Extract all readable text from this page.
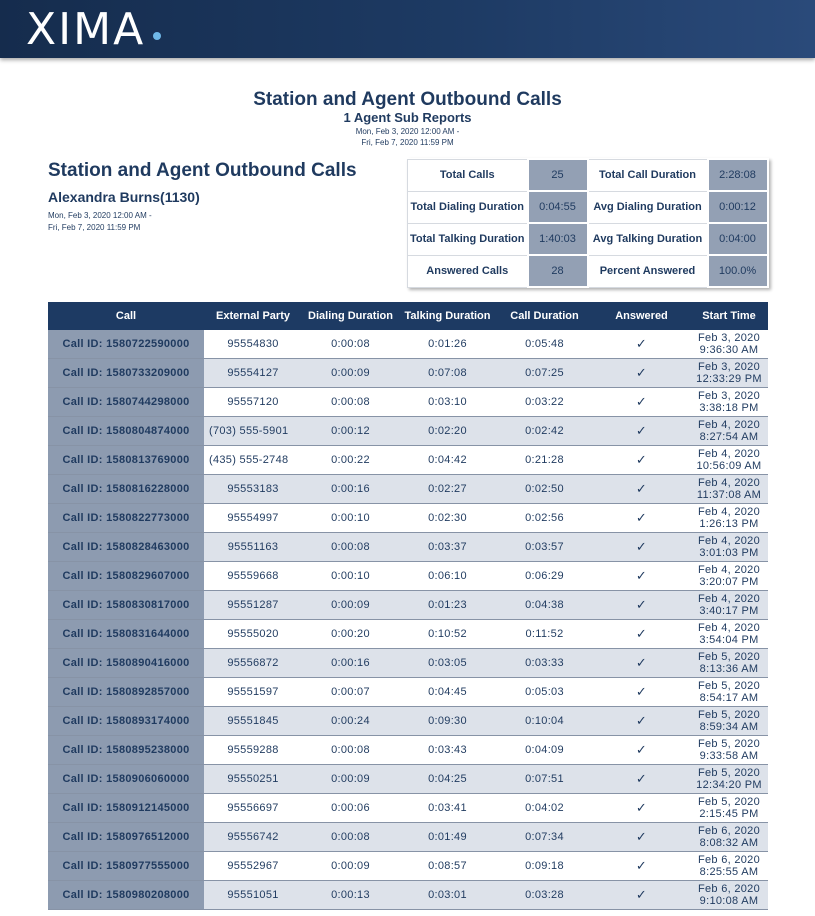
XIMA
Station and Agent Outbound Calls
1 Agent Sub Reports
Mon, Feb 3, 2020 12:00 AM -
Fri, Feb 7, 2020 11:59 PM
Station and Agent Outbound Calls
Alexandra Burns(1130)
Mon, Feb 3, 2020 12:00 AM -
Fri, Feb 7, 2020 11:59 PM
Total Calls	25	Total Call Duration	2:28:08
Total Dialing Duration	0:04:55	Avg Dialing Duration	0:00:12
Total Talking Duration	1:40:03	Avg Talking Duration	0:04:00
Answered Calls	28	Percent Answered	100.0%
Call	External Party	Dialing Duration	Talking Duration	Call Duration	Answered	Start Time
Call ID: 1580722590000	95554830	0:00:08	0:01:26	0:05:48	✓	Feb 3, 2020
9:36:30 AM

Call ID: 1580733209000	95554127	0:00:09	0:07:08	0:07:25	✓	Feb 3, 2020
12:33:29 PM

Call ID: 1580744298000	95557120	0:00:08	0:03:10	0:03:22	✓	Feb 3, 2020
3:38:18 PM

Call ID: 1580804874000	(703) 555-5901	0:00:12	0:02:20	0:02:42	✓	Feb 4, 2020
8:27:54 AM

Call ID: 1580813769000	(435) 555-2748	0:00:22	0:04:42	0:21:28	✓	Feb 4, 2020
10:56:09 AM

Call ID: 1580816228000	95553183	0:00:16	0:02:27	0:02:50	✓	Feb 4, 2020
11:37:08 AM

Call ID: 1580822773000	95554997	0:00:10	0:02:30	0:02:56	✓	Feb 4, 2020
1:26:13 PM

Call ID: 1580828463000	95551163	0:00:08	0:03:37	0:03:57	✓	Feb 4, 2020
3:01:03 PM

Call ID: 1580829607000	95559668	0:00:10	0:06:10	0:06:29	✓	Feb 4, 2020
3:20:07 PM

Call ID: 1580830817000	95551287	0:00:09	0:01:23	0:04:38	✓	Feb 4, 2020
3:40:17 PM

Call ID: 1580831644000	95555020	0:00:20	0:10:52	0:11:52	✓	Feb 4, 2020
3:54:04 PM

Call ID: 1580890416000	95556872	0:00:16	0:03:05	0:03:33	✓	Feb 5, 2020
8:13:36 AM

Call ID: 1580892857000	95551597	0:00:07	0:04:45	0:05:03	✓	Feb 5, 2020
8:54:17 AM

Call ID: 1580893174000	95551845	0:00:24	0:09:30	0:10:04	✓	Feb 5, 2020
8:59:34 AM

Call ID: 1580895238000	95559288	0:00:08	0:03:43	0:04:09	✓	Feb 5, 2020
9:33:58 AM

Call ID: 1580906060000	95550251	0:00:09	0:04:25	0:07:51	✓	Feb 5, 2020
12:34:20 PM

Call ID: 1580912145000	95556697	0:00:06	0:03:41	0:04:02	✓	Feb 5, 2020
2:15:45 PM

Call ID: 1580976512000	95556742	0:00:08	0:01:49	0:07:34	✓	Feb 6, 2020
8:08:32 AM

Call ID: 1580977555000	95552967	0:00:09	0:08:57	0:09:18	✓	Feb 6, 2020
8:25:55 AM

Call ID: 1580980208000	95551051	0:00:13	0:03:01	0:03:28	✓	Feb 6, 2020
9:10:08 AM
